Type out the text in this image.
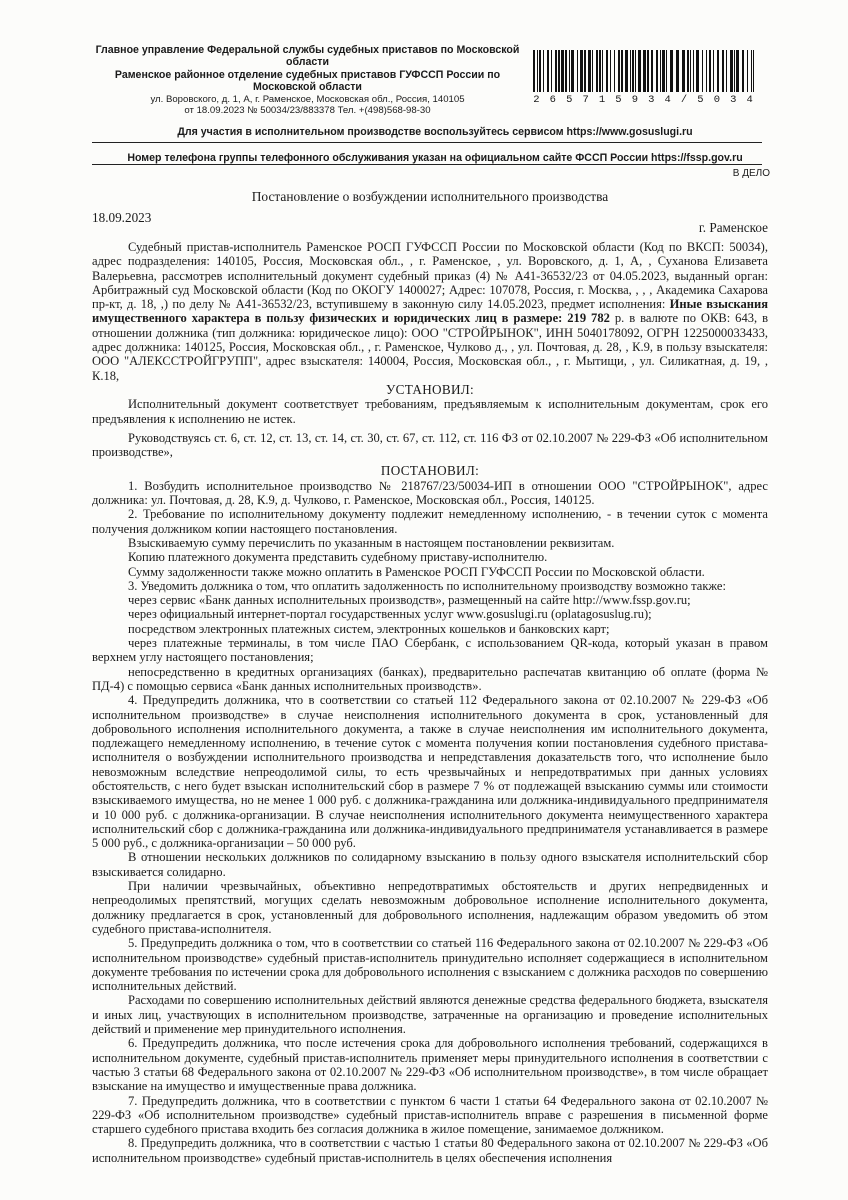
Главное управление Федеральной службы судебных приставов по Московской области
Раменское районное отделение судебных приставов ГУФССП России по Московской области
ул. Воровского, д. 1, А, г. Раменское, Московская обл., Россия, 140105
от 18.09.2023 № 50034/23/883378 Тел. +(498)568-98-30
2 6 5 7 1 5 9 3 4 / 5 0 3 4
Для участия в исполнительном производстве воспользуйтесь сервисом https://www.gosuslugi.ru
Номер телефона группы телефонного обслуживания указан на официальном сайте ФССП России https://fssp.gov.ru
В ДЕЛО
Постановление о возбуждении исполнительного производства
18.09.2023
г. Раменское

Судебный пристав-исполнитель Раменское РОСП ГУФССП России по Московской области (Код по ВКСП: 50034), адрес подразделения: 140105, Россия, Московская обл., , г. Раменское, , ул. Воровского, д. 1, А, , Суханова Елизавета Валерьевна, рассмотрев исполнительный документ судебный приказ (4) № А41-36532/23 от 04.05.2023, выданный орган: Арбитражный суд Московской области (Код по ОКОГУ 1400027; Адрес: 107078, Россия, г. Москва, , , , Академика Сахарова пр-кт, д. 18, ,) по делу № А41-36532/23, вступившему в законную силу 14.05.2023, предмет исполнения: Иные взыскания имущественного характера в пользу физических и юридических лиц в размере: 219 782 р. в валюте по ОКВ: 643, в отношении должника (тип должника: юридическое лицо): ООО "СТРОЙРЫНОК", ИНН 5040178092, ОГРН 1225000033433, адрес должника: 140125, Россия, Московская обл., , г. Раменское, Чулково д., , ул. Почтовая, д. 28, , К.9, в пользу взыскателя: ООО "АЛЕКССТРОЙГРУПП", адрес взыскателя: 140004, Россия, Московская обл., , г. Мытищи, , ул. Силикатная, д. 19, , К.18,

УСТАНОВИЛ:

Исполнительный документ соответствует требованиям, предъявляемым к исполнительным документам, срок его предъявления к исполнению не истек.

Руководствуясь ст. 6, ст. 12, ст. 13, ст. 14, ст. 30, ст. 67, ст. 112, ст. 116 ФЗ от 02.10.2007 № 229-ФЗ «Об исполнительном производстве»,

ПОСТАНОВИЛ:

1. Возбудить исполнительное производство № 218767/23/50034-ИП в отношении ООО "СТРОЙРЫНОК", адрес должника: ул. Почтовая, д. 28, К.9, д. Чулково, г. Раменское, Московская обл., Россия, 140125.

2. Требование по исполнительному документу подлежит немедленному исполнению, - в течении суток с момента получения должником копии настоящего постановления.

Взыскиваемую сумму перечислить по указанным в настоящем постановлении реквизитам.

Копию платежного документа представить судебному приставу-исполнителю.

Сумму задолженности также можно оплатить в Раменское РОСП ГУФССП России по Московской области.

3. Уведомить должника о том, что оплатить задолженность по исполнительному производству возможно также:

через сервис «Банк данных исполнительных производств», размещенный на сайте http://www.fssp.gov.ru;

через официальный интернет-портал государственных услуг www.gosuslugi.ru (oplatagosuslug.ru);

посредством электронных платежных систем, электронных кошельков и банковских карт;

через платежные терминалы, в том числе ПАО Сбербанк, с использованием QR-кода, который указан в правом верхнем углу настоящего постановления;

непосредственно в кредитных организациях (банках), предварительно распечатав квитанцию об оплате (форма № ПД-4) с помощью сервиса «Банк данных исполнительных производств».

4. Предупредить должника, что в соответствии со статьей 112 Федерального закона от 02.10.2007 № 229-ФЗ «Об исполнительном производстве» в случае неисполнения исполнительного документа в срок, установленный для добровольного исполнения исполнительного документа, а также в случае неисполнения им исполнительного документа, подлежащего немедленному исполнению, в течение суток с момента получения копии постановления судебного пристава-исполнителя о возбуждении исполнительного производства и непредставления доказательств того, что исполнение было невозможным вследствие непреодолимой силы, то есть чрезвычайных и непредотвратимых при данных условиях обстоятельств, с него будет взыскан исполнительский сбор в размере 7 % от подлежащей взысканию суммы или стоимости взыскиваемого имущества, но не менее 1 000 руб. с должника-гражданина или должника-индивидуального предпринимателя и 10 000 руб. с должника-организации. В случае неисполнения исполнительного документа неимущественного характера исполнительский сбор с должника-гражданина или должника-индивидуального предпринимателя устанавливается в размере 5 000 руб., с должника-организации – 50 000 руб.

В отношении нескольких должников по солидарному взысканию в пользу одного взыскателя исполнительский сбор взыскивается солидарно.

При наличии чрезвычайных, объективно непредотвратимых обстоятельств и других непредвиденных и непреодолимых препятствий, могущих сделать невозможным добровольное исполнение исполнительного документа, должнику предлагается в срок, установленный для добровольного исполнения, надлежащим образом уведомить об этом судебного пристава-исполнителя.

5. Предупредить должника о том, что в соответствии со статьей 116 Федерального закона от 02.10.2007 № 229-ФЗ «Об исполнительном производстве» судебный пристав-исполнитель принудительно исполняет содержащиеся в исполнительном документе требования по истечении срока для добровольного исполнения с взысканием с должника расходов по совершению исполнительных действий.

Расходами по совершению исполнительных действий являются денежные средства федерального бюджета, взыскателя и иных лиц, участвующих в исполнительном производстве, затраченные на организацию и проведение исполнительных действий и применение мер принудительного исполнения.

6. Предупредить должника, что после истечения срока для добровольного исполнения требований, содержащихся в исполнительном документе, судебный пристав-исполнитель применяет меры принудительного исполнения в соответствии с частью 3 статьи 68 Федерального закона от 02.10.2007 № 229-ФЗ «Об исполнительном производстве», в том числе обращает взыскание на имущество и имущественные права должника.

7. Предупредить должника, что в соответствии с пунктом 6 части 1 статьи 64 Федерального закона от 02.10.2007 № 229-ФЗ «Об исполнительном производстве» судебный пристав-исполнитель вправе с разрешения в письменной форме старшего судебного пристава входить без согласия должника в жилое помещение, занимаемое должником.

8. Предупредить должника, что в соответствии с частью 1 статьи 80 Федерального закона от 02.10.2007 № 229-ФЗ «Об исполнительном производстве» судебный пристав-исполнитель в целях обеспечения исполнения
